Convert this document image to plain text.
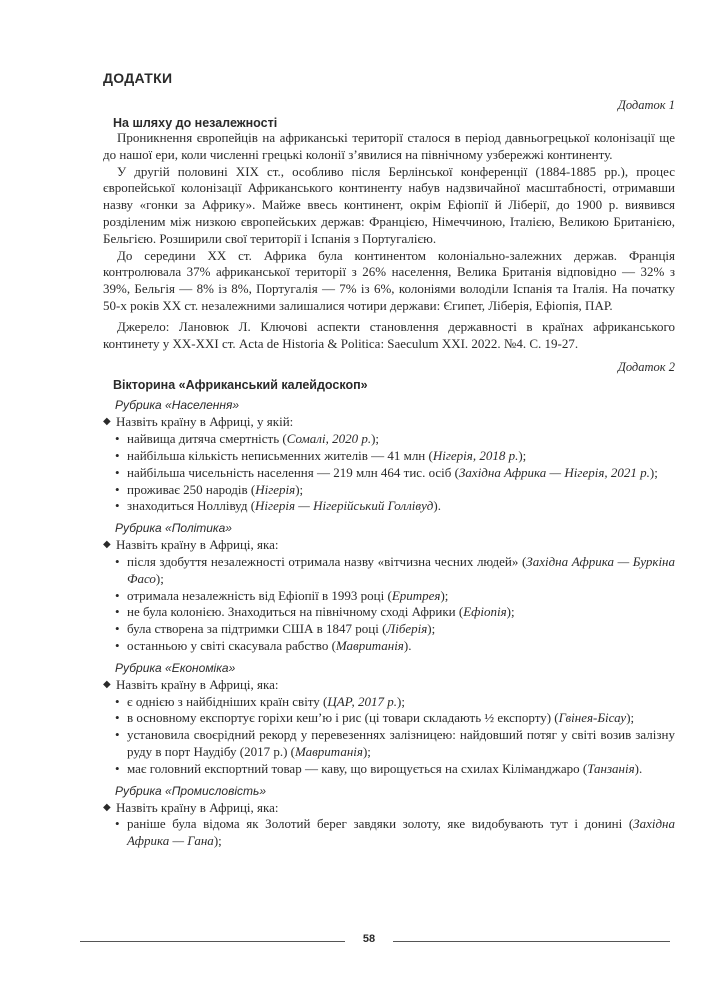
ДОДАТКИ
Додаток 1
На шляху до незалежності

Проникнення європейців на африканські території сталося в період давньогрецької колонізації ще до нашої ери, коли численні грецькі колонії з’явилися на північному узбережжі континенту.

У другій половині XIX ст., особливо після Берлінської конференції (1884-1885 рр.), процес європейської колонізації Африканського континенту набув надзвичайної масштабності, отримавши назву «гонки за Африку». Майже ввесь континент, окрім Ефіопії й Ліберії, до 1900 р. виявився розділеним між низкою європейських держав: Францією, Німеччиною, Італією, Великою Британією, Бельгією. Розширили свої території і Іспанія з Португалією.

До середини XX ст. Африка була континентом колоніально-залежних держав. Франція контролювала 37% африканської території з 26% населення, Велика Британія відповідно — 32% з 39%, Бельгія — 8% із 8%, Португалія — 7% із 6%, колоніями володіли Іспанія та Італія. На початку 50-х років XX ст. незалежними залишалися чотири держави: Єгипет, Ліберія, Ефіопія, ПАР.

Джерело: Лановюк Л. Ключові аспекти становлення державності в країнах африканського континету у XX-XXI ст. Acta de Historia & Politica: Saeculum XXI. 2022. №4. С. 19-27.

Додаток 2
Вікторина «Африканський калейдоскоп»
Рубрика «Населення»
◆ Назвіть країну в Африці, у якій:
• найвища дитяча смертність (Сомалі, 2020 р.);
• найбільша кількість неписьменних жителів — 41 млн (Нігерія, 2018 р.);
• найбільша чисельність населення — 219 млн 464 тис. осіб (Західна Африка — Нігерія, 2021 р.);
• проживає 250 народів (Нігерія);
• знаходиться Ноллівуд (Нігерія — Нігерійський Голлівуд).
Рубрика «Політика»
◆ Назвіть країну в Африці, яка:
• після здобуття незалежності отримала назву «вітчизна чесних людей» (Західна Африка — Буркіна Фасо);
• отримала незалежність від Ефіопії в 1993 році (Еритрея);
• не була колонією. Знаходиться на північному сході Африки (Ефіопія);
• була створена за підтримки США в 1847 році (Ліберія);
• останньою у світі скасувала рабство (Мавританія).
Рубрика «Економіка»
◆ Назвіть країну в Африці, яка:
• є однією з найбідніших країн світу (ЦАР, 2017 р.);
• в основному експортує горіхи кеш’ю і рис (ці товари складають ½ експорту) (Гвінея-Бісау);
• установила своєрідний рекорд у перевезеннях залізницею: найдовший потяг у світі возив залізну руду в порт Наудібу (2017 р.) (Мавританія);
• має головний експортний товар — каву, що вирощується на схилах Кіліманджаро (Танзанія).
Рубрика «Промисловість»
◆ Назвіть країну в Африці, яка:
• раніше була відома як Золотий берег завдяки золоту, яке видобувають тут і донині (Західна Африка — Гана);
58
